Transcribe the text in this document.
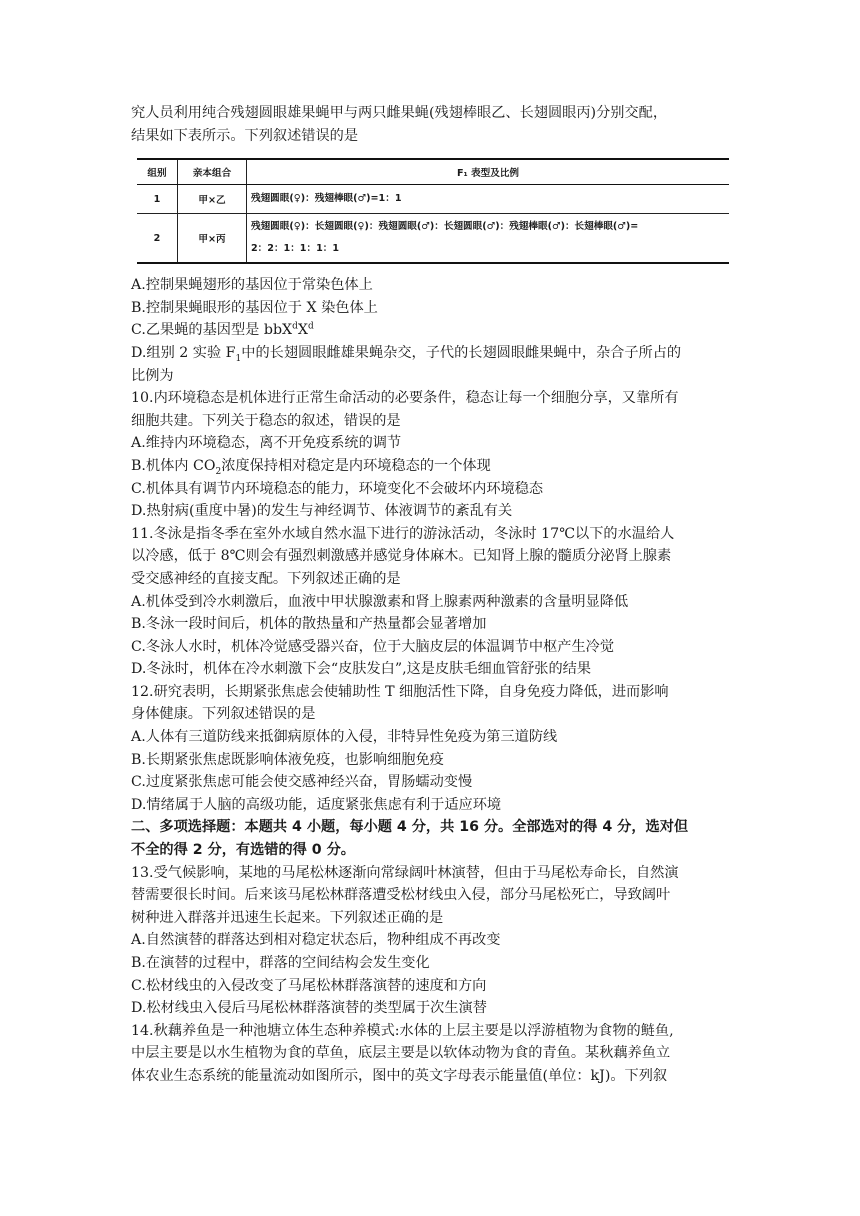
究人员利用纯合残翅圆眼雄果蝇甲与两只雌果蝇(残翅棒眼乙、长翅圆眼丙)分别交配，
结果如下表所示。下列叙述错误的是
组别	亲本组合	F₁ 表型及比例
1	甲×乙	残翅圆眼(♀)：残翅棒眼(♂)=1：1
2	甲×丙	残翅圆眼(♀)：长翅圆眼(♀)：残翅圆眼(♂)：长翅圆眼(♂)：残翅棒眼(♂)：长翅棒眼(♂)=
2：2：1：1：1：1
A.控制果蝇翅形的基因位于常染色体上
B.控制果蝇眼形的基因位于 X 染色体上
C.乙果蝇的基因型是 $bbX^dX^d$
D.组别 2 实验 $F_1$中的长翅圆眼雌雄果蝇杂交，子代的长翅圆眼雌果蝇中，杂合子所占的
比例为
10.内环境稳态是机体进行正常生命活动的必要条件，稳态让每一个细胞分享，又靠所有
细胞共建。下列关于稳态的叙述，错误的是
A.维持内环境稳态，离不开免疫系统的调节
B.机体内 $CO_2$浓度保持相对稳定是内环境稳态的一个体现
C.机体具有调节内环境稳态的能力，环境变化不会破坏内环境稳态
D.热射病(重度中暑)的发生与神经调节、体液调节的紊乱有关
11.冬泳是指冬季在室外水域自然水温下进行的游泳活动，冬泳时 17℃以下的水温给人
以冷感，低于 8℃则会有强烈刺激感并感觉身体麻木。已知肾上腺的髓质分泌肾上腺素
受交感神经的直接支配。下列叙述正确的是
A.机体受到冷水刺激后，血液中甲状腺激素和肾上腺素两种激素的含量明显降低
B.冬泳一段时间后，机体的散热量和产热量都会显著增加
C.冬泳人水时，机体冷觉感受器兴奋，位于大脑皮层的体温调节中枢产生冷觉
D.冬泳时，机体在冷水刺激下会“皮肤发白”,这是皮肤毛细血管舒张的结果
12.研究表明，长期紧张焦虑会使辅助性 T 细胞活性下降，自身免疫力降低，进而影响
身体健康。下列叙述错误的是
A.人体有三道防线来抵御病原体的入侵，非特异性免疫为第三道防线
B.长期紧张焦虑既影响体液免疫，也影响细胞免疫
C.过度紧张焦虑可能会使交感神经兴奋，胃肠蠕动变慢
D.情绪属于人脑的高级功能，适度紧张焦虑有利于适应环境
二、多项选择题：本题共 4 小题，每小题 4 分，共 16 分。全部选对的得 4 分，选对但
不全的得 2 分，有选错的得 0 分。
13.受气候影响，某地的马尾松林逐渐向常绿阔叶林演替，但由于马尾松寿命长，自然演
替需要很长时间。后来该马尾松林群落遭受松材线虫入侵，部分马尾松死亡，导致阔叶
树种进入群落并迅速生长起来。下列叙述正确的是
A.自然演替的群落达到相对稳定状态后，物种组成不再改变
B.在演替的过程中，群落的空间结构会发生变化
C.松材线虫的入侵改变了马尾松林群落演替的速度和方向
D.松材线虫入侵后马尾松林群落演替的类型属于次生演替
14.秋藕养鱼是一种池塘立体生态种养模式:水体的上层主要是以浮游植物为食物的鲢鱼,
中层主要是以水生植物为食的草鱼，底层主要是以软体动物为食的青鱼。某秋藕养鱼立
体农业生态系统的能量流动如图所示，图中的英文字母表示能量值(单位：kJ)。下列叙
